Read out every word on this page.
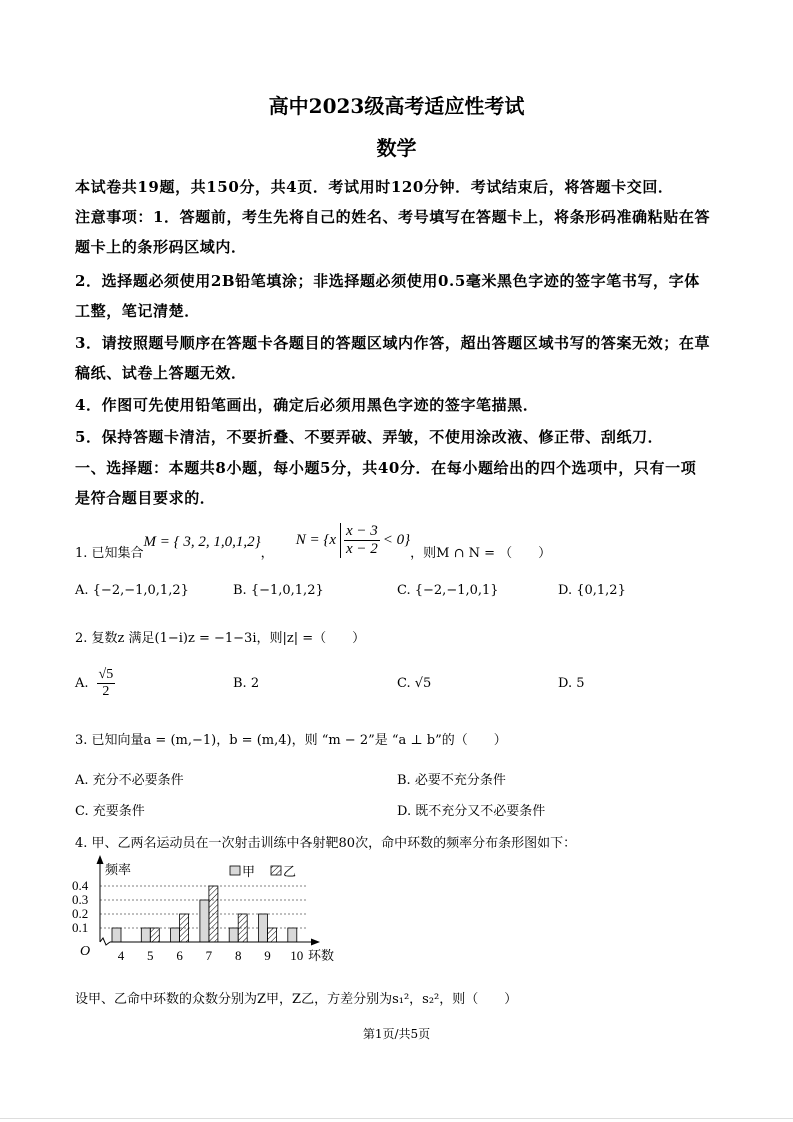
高中2023级高考适应性考试
数学
本试卷共19题，共150分，共4页．考试用时120分钟．考试结束后，将答题卡交回．
注意事项：1．答题前，考生先将自己的姓名、考号填写在答题卡上，将条形码准确粘贴在答
题卡上的条形码区域内．
2．选择题必须使用2B铅笔填涂；非选择题必须使用0.5毫米黑色字迹的签字笔书写，字体
工整，笔记清楚．
3．请按照题号顺序在答题卡各题目的答题区域内作答，超出答题区域书写的答案无效；在草
稿纸、试卷上答题无效．
4．作图可先使用铅笔画出，确定后必须用黑色字迹的签字笔描黑．
5．保持答题卡清洁，不要折叠、不要弄破、弄皱，不使用涂改液、修正带、刮纸刀．
一、选择题：本题共8小题，每小题5分，共40分．在每小题给出的四个选项中，只有一项
是符合题目要求的．
1. 已知集合
M = { 3, 2, 1,0,1,2}
，
$N = \{x \frac{x - 3}{x - 2} < 0\}$
，则M ∩ N = （　　）
A. {−2,−1,0,1,2}	B. {−1,0,1,2}	C. {−2,−1,0,1}	D. {0,1,2}
2. 复数z 满足(1−i)z = −1−3i，则|z| =（　　）
A. $\frac{√5}{2}$	B. 2	C. √5	D. 5
3. 已知向量a = (m,−1)，b = (m,4)，则 “m − 2”是 “a ⊥ b”的（　　）
A. 充分不必要条件	B. 必要不充分条件
C. 充要条件	D. 既不充分又不必要条件
4. 甲、乙两名运动员在一次射击训练中各射靶80次，命中环数的频率分布条形图如下：
0.1
0.2
0.3
0.4
4 5 6 7 8 9 10
频率
环数
O
甲 乙
设甲、乙命中环数的众数分别为Z甲，Z乙，方差分别为s₁²，s₂²，则（　　）
第1页/共5页
